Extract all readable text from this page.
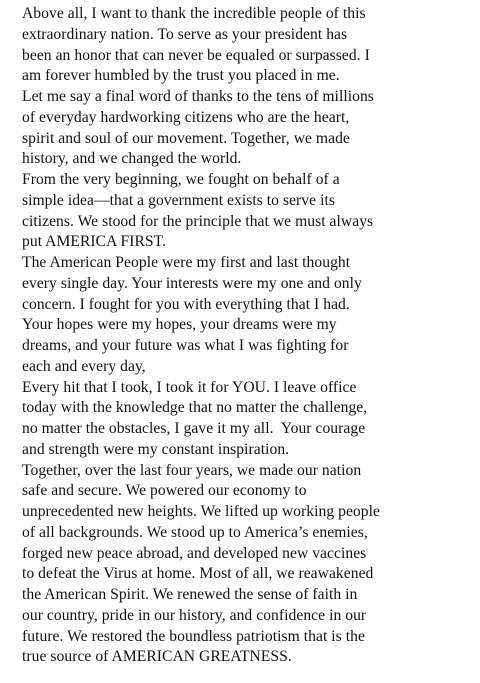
Above all, I want to thank the incredible people of this
extraordinary nation. To serve as your president has
been an honor that can never be equaled or surpassed. I
am forever humbled by the trust you placed in me.

Let me say a final word of thanks to the tens of millions
of everyday hardworking citizens who are the heart,
spirit and soul of our movement. Together, we made
history, and we changed the world.

From the very beginning, we fought on behalf of a
simple idea—that a government exists to serve its
citizens. We stood for the principle that we must always
put AMERICA FIRST.

The American People were my first and last thought
every single day. Your interests were my one and only
concern. I fought for you with everything that I had.
Your hopes were my hopes, your dreams were my
dreams, and your future was what I was fighting for
each and every day,

Every hit that I took, I took it for YOU. I leave office
today with the knowledge that no matter the challenge,
no matter the obstacles, I gave it my all.  Your courage
and strength were my constant inspiration.

Together, over the last four years, we made our nation
safe and secure. We powered our economy to
unprecedented new heights. We lifted up working people
of all backgrounds. We stood up to America’s enemies,
forged new peace abroad, and developed new vaccines
to defeat the Virus at home. Most of all, we reawakened
the American Spirit. We renewed the sense of faith in
our country, pride in our history, and confidence in our
future. We restored the boundless patriotism that is the
true source of AMERICAN GREATNESS.
